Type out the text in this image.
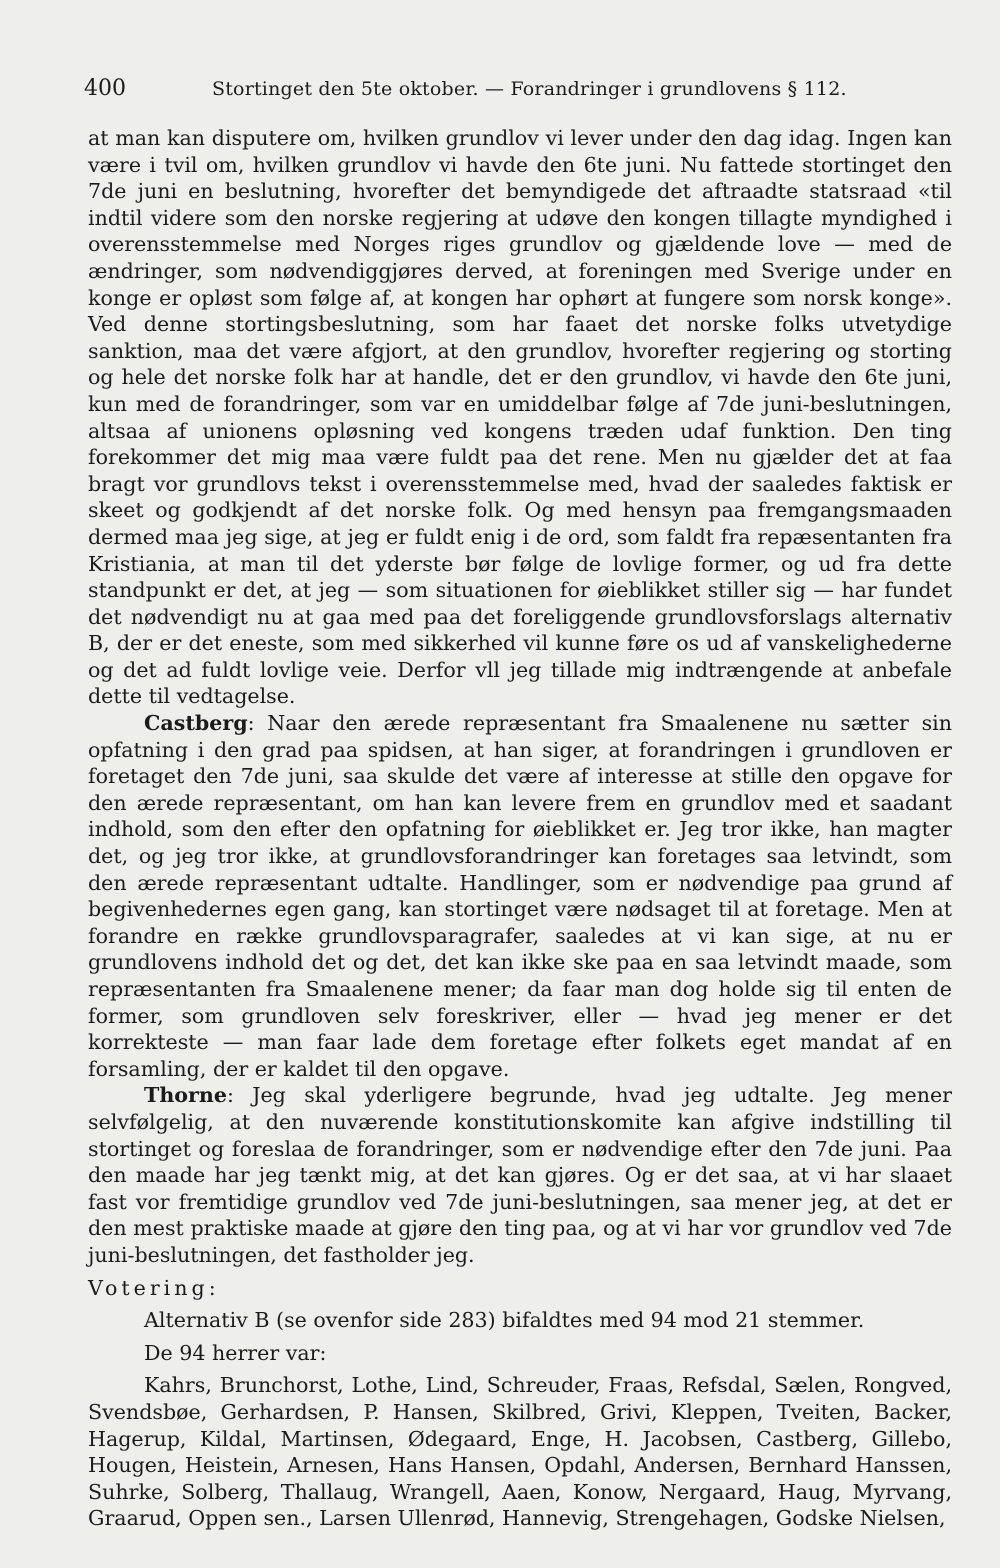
400	Stortinget den 5te oktober. — Forandringer i grundlovens § 112.

at man kan disputere om, hvilken grundlov vi lever under den dag idag. Ingen kan være i tvil om, hvilken grundlov vi havde den 6te juni. Nu fattede stortinget den 7de juni en beslutning, hvorefter det bemyndigede det aftraadte statsraad «til indtil videre som den norske regjering at udøve den kongen tillagte myndighed i overensstemmelse med Norges riges grundlov og gjældende love — med de ændringer, som nødvendiggjøres derved, at foreningen med Sverige under en konge er opløst som følge af, at kongen har ophørt at fungere som norsk konge». Ved denne stortingsbeslutning, som har faaet det norske folks utvetydige sanktion, maa det være afgjort, at den grundlov, hvorefter regjering og storting og hele det norske folk har at handle, det er den grundlov, vi havde den 6te juni, kun med de forandringer, som var en umiddelbar følge af 7de juni-beslutningen, altsaa af unionens opløsning ved kongens træden udaf funktion. Den ting forekommer det mig maa være fuldt paa det rene. Men nu gjælder det at faa bragt vor grundlovs tekst i overensstemmelse med, hvad der saaledes faktisk er skeet og godkjendt af det norske folk. Og med hensyn paa fremgangsmaaden dermed maa jeg sige, at jeg er fuldt enig i de ord, som faldt fra repæsentanten fra Kristiania, at man til det yderste bør følge de lovlige former, og ud fra dette standpunkt er det, at jeg — som situationen for øieblikket stiller sig — har fundet det nødvendigt nu at gaa med paa det foreliggende grundlovsforslags alternativ B, der er det eneste, som med sikkerhed vil kunne føre os ud af vanskelighederne og det ad fuldt lovlige veie. Derfor vll jeg tillade mig indtrængende at anbefale dette til vedtagelse.

Castberg: Naar den ærede repræsentant fra Smaalenene nu sætter sin opfatning i den grad paa spidsen, at han siger, at forandringen i grundloven er foretaget den 7de juni, saa skulde det være af interesse at stille den opgave for den ærede repræsentant, om han kan levere frem en grundlov med et saadant indhold, som den efter den opfatning for øieblikket er. Jeg tror ikke, han magter det, og jeg tror ikke, at grundlovsforandringer kan foretages saa letvindt, som den ærede repræsentant udtalte. Handlinger, som er nødvendige paa grund af begivenhedernes egen gang, kan stortinget være nødsaget til at foretage. Men at forandre en række grundlovsparagrafer, saaledes at vi kan sige, at nu er grundlovens indhold det og det, det kan ikke ske paa en saa letvindt maade, som repræsentanten fra Smaalenene mener; da faar man dog holde sig til enten de former, som grundloven selv foreskriver, eller — hvad jeg mener er det korrekteste — man faar lade dem foretage efter folkets eget mandat af en forsamling, der er kaldet til den opgave.

Thorne: Jeg skal yderligere begrunde, hvad jeg udtalte. Jeg mener selvfølgelig, at den nuværende konstitutionskomite kan afgive indstilling til stortinget og foreslaa de forandringer, som er nødvendige efter den 7de juni. Paa den maade har jeg tænkt mig, at det kan gjøres. Og er det saa, at vi har slaaet fast vor fremtidige grundlov ved 7de juni-beslutningen, saa mener jeg, at det er den mest praktiske maade at gjøre den ting paa, og at vi har vor grundlov ved 7de juni-beslutningen, det fastholder jeg.

Votering:

Alternativ B (se ovenfor side 283) bifaldtes med 94 mod 21 stemmer.

De 94 herrer var:

Kahrs, Brunchorst, Lothe, Lind, Schreuder, Fraas, Refsdal, Sælen, Rongved, Svendsbøe, Gerhardsen, P. Hansen, Skilbred, Grivi, Kleppen, Tveiten, Backer, Hagerup, Kildal, Martinsen, Ødegaard, Enge, H. Jacobsen, Castberg, Gillebo, Hougen, Heistein, Arnesen, Hans Hansen, Opdahl, Andersen, Bernhard Hanssen, Suhrke, Solberg, Thallaug, Wrangell, Aaen, Konow, Nergaard, Haug, Myrvang, Graarud, Oppen sen., Larsen Ullenrød, Hannevig, Strengehagen, Godske Nielsen,
